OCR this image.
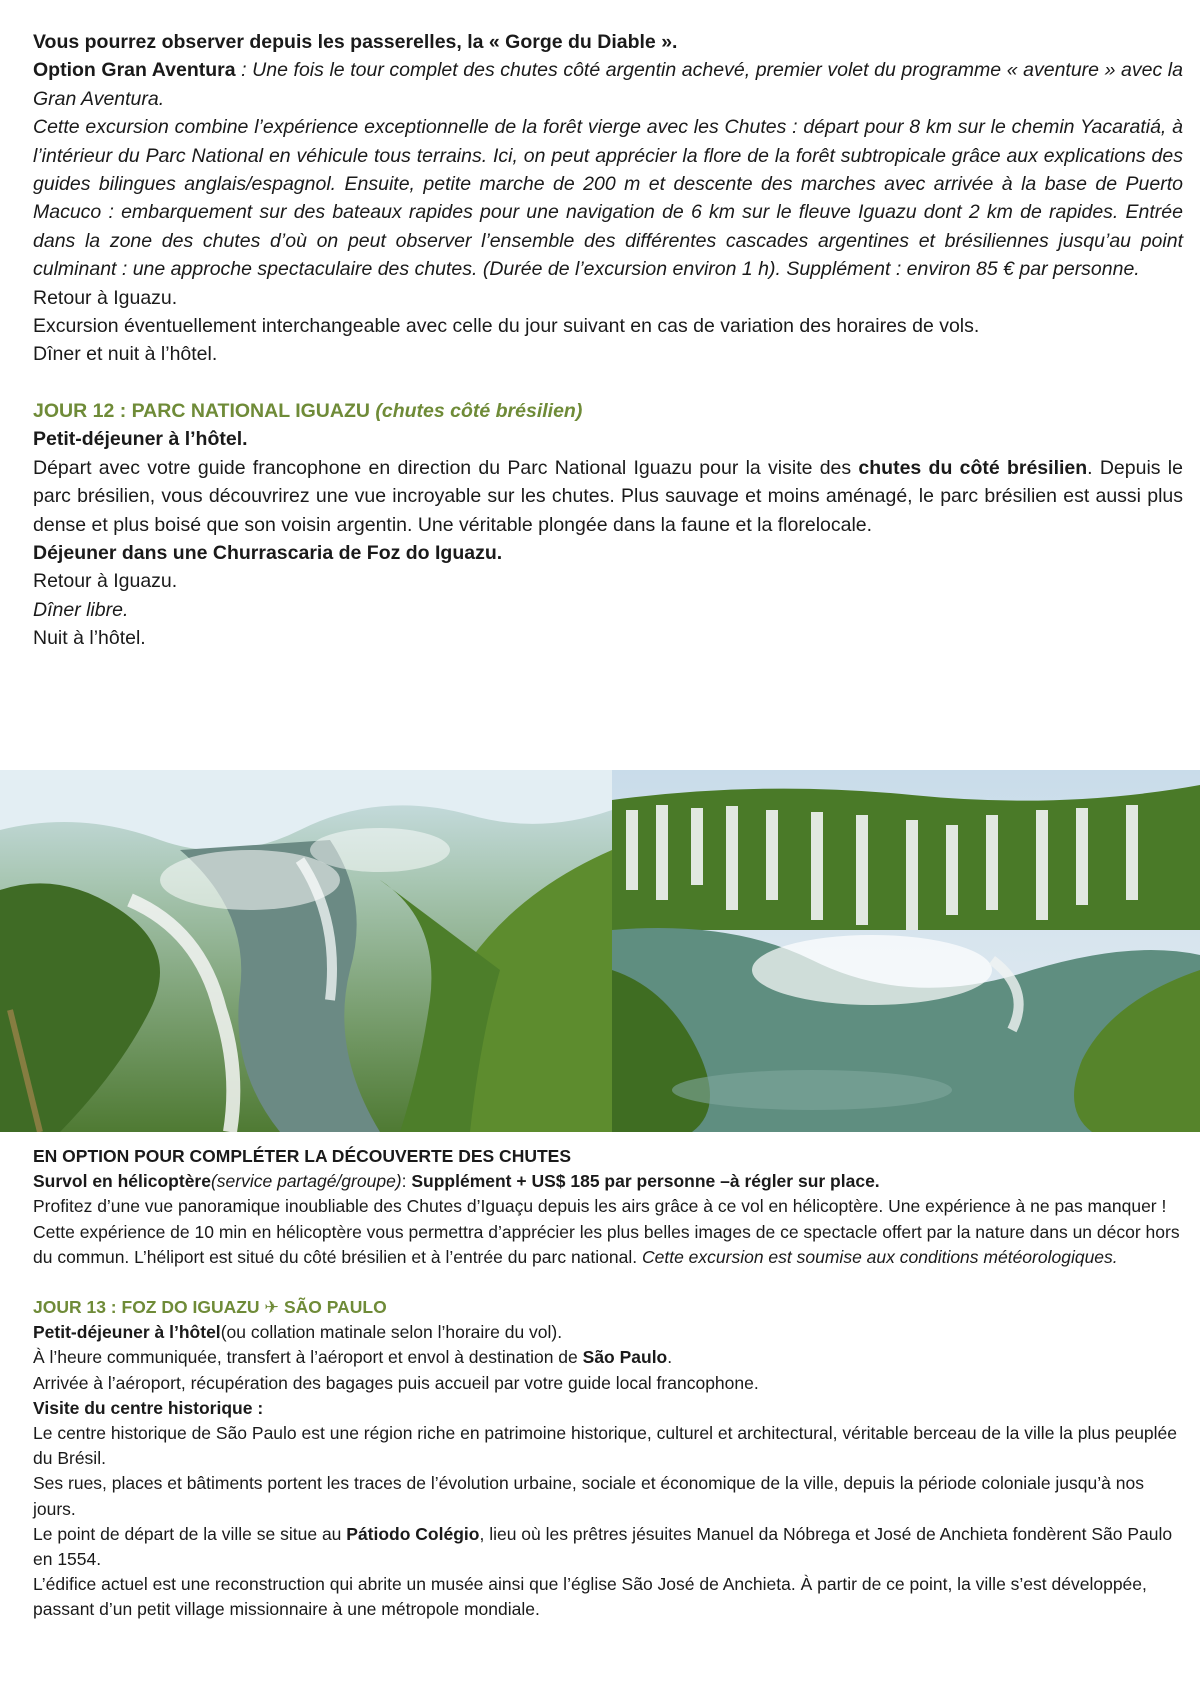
Vous pourrez observer depuis les passerelles, la « Gorge du Diable ».

Option Gran Aventura : Une fois le tour complet des chutes côté argentin achevé, premier volet du programme « aventure » avec la Gran Aventura.

Cette excursion combine l’expérience exceptionnelle de la forêt vierge avec les Chutes : départ pour 8 km sur le chemin Yacaratiá, à l’intérieur du Parc National en véhicule tous terrains. Ici, on peut apprécier la flore de la forêt subtropicale grâce aux explications des guides bilingues anglais/espagnol. Ensuite, petite marche de 200 m et descente des marches avec arrivée à la base de Puerto Macuco : embarquement sur des bateaux rapides pour une navigation de 6 km sur le fleuve Iguazu dont 2 km de rapides. Entrée dans la zone des chutes d’où on peut observer l’ensemble des différentes cascades argentines et brésiliennes jusqu’au point culminant : une approche spectaculaire des chutes. (Durée de l’excursion environ 1 h). Supplément : environ 85 € par personne.

Retour à Iguazu.

Excursion éventuellement interchangeable avec celle du jour suivant en cas de variation des horaires de vols.

Dîner et nuit à l’hôtel.

JOUR 12 : PARC NATIONAL IGUAZU (chutes côté brésilien)

Petit-déjeuner à l’hôtel.

Départ avec votre guide francophone en direction du Parc National Iguazu pour la visite des chutes du côté brésilien. Depuis le parc brésilien, vous découvrirez une vue incroyable sur les chutes. Plus sauvage et moins aménagé, le parc brésilien est aussi plus dense et plus boisé que son voisin argentin. Une véritable plongée dans la faune et la florelocale.

Déjeuner dans une Churrascaria de Foz do Iguazu.

Retour à Iguazu.

Dîner libre.

Nuit à l’hôtel.

EN OPTION POUR COMPLÉTER LA DÉCOUVERTE DES CHUTES

Survol en hélicoptère(service partagé/groupe): Supplément + US$ 185 par personne –à régler sur place.

Profitez d’une vue panoramique inoubliable des Chutes d’Iguaçu depuis les airs grâce à ce vol en hélicoptère. Une expérience à ne pas manquer ! Cette expérience de 10 min en hélicoptère vous permettra d’apprécier les plus belles images de ce spectacle offert par la nature dans un décor hors du commun. L’héliport est situé du côté brésilien et à l’entrée du parc national. Cette excursion est soumise aux conditions météorologiques.

JOUR 13 : FOZ DO IGUAZU ✈ SÃO PAULO

Petit-déjeuner à l’hôtel(ou collation matinale selon l’horaire du vol).

À l’heure communiquée, transfert à l’aéroport et envol à destination de São Paulo.

Arrivée à l’aéroport, récupération des bagages puis accueil par votre guide local francophone.

Visite du centre historique :

Le centre historique de São Paulo est une région riche en patrimoine historique, culturel et architectural, véritable berceau de la ville la plus peuplée du Brésil.

Ses rues, places et bâtiments portent les traces de l’évolution urbaine, sociale et économique de la ville, depuis la période coloniale jusqu’à nos jours.

Le point de départ de la ville se situe au Pátiodo Colégio, lieu où les prêtres jésuites Manuel da Nóbrega et José de Anchieta fondèrent São Paulo en 1554.

L’édifice actuel est une reconstruction qui abrite un musée ainsi que l’église São José de Anchieta. À partir de ce point, la ville s’est développée, passant d’un petit village missionnaire à une métropole mondiale.
